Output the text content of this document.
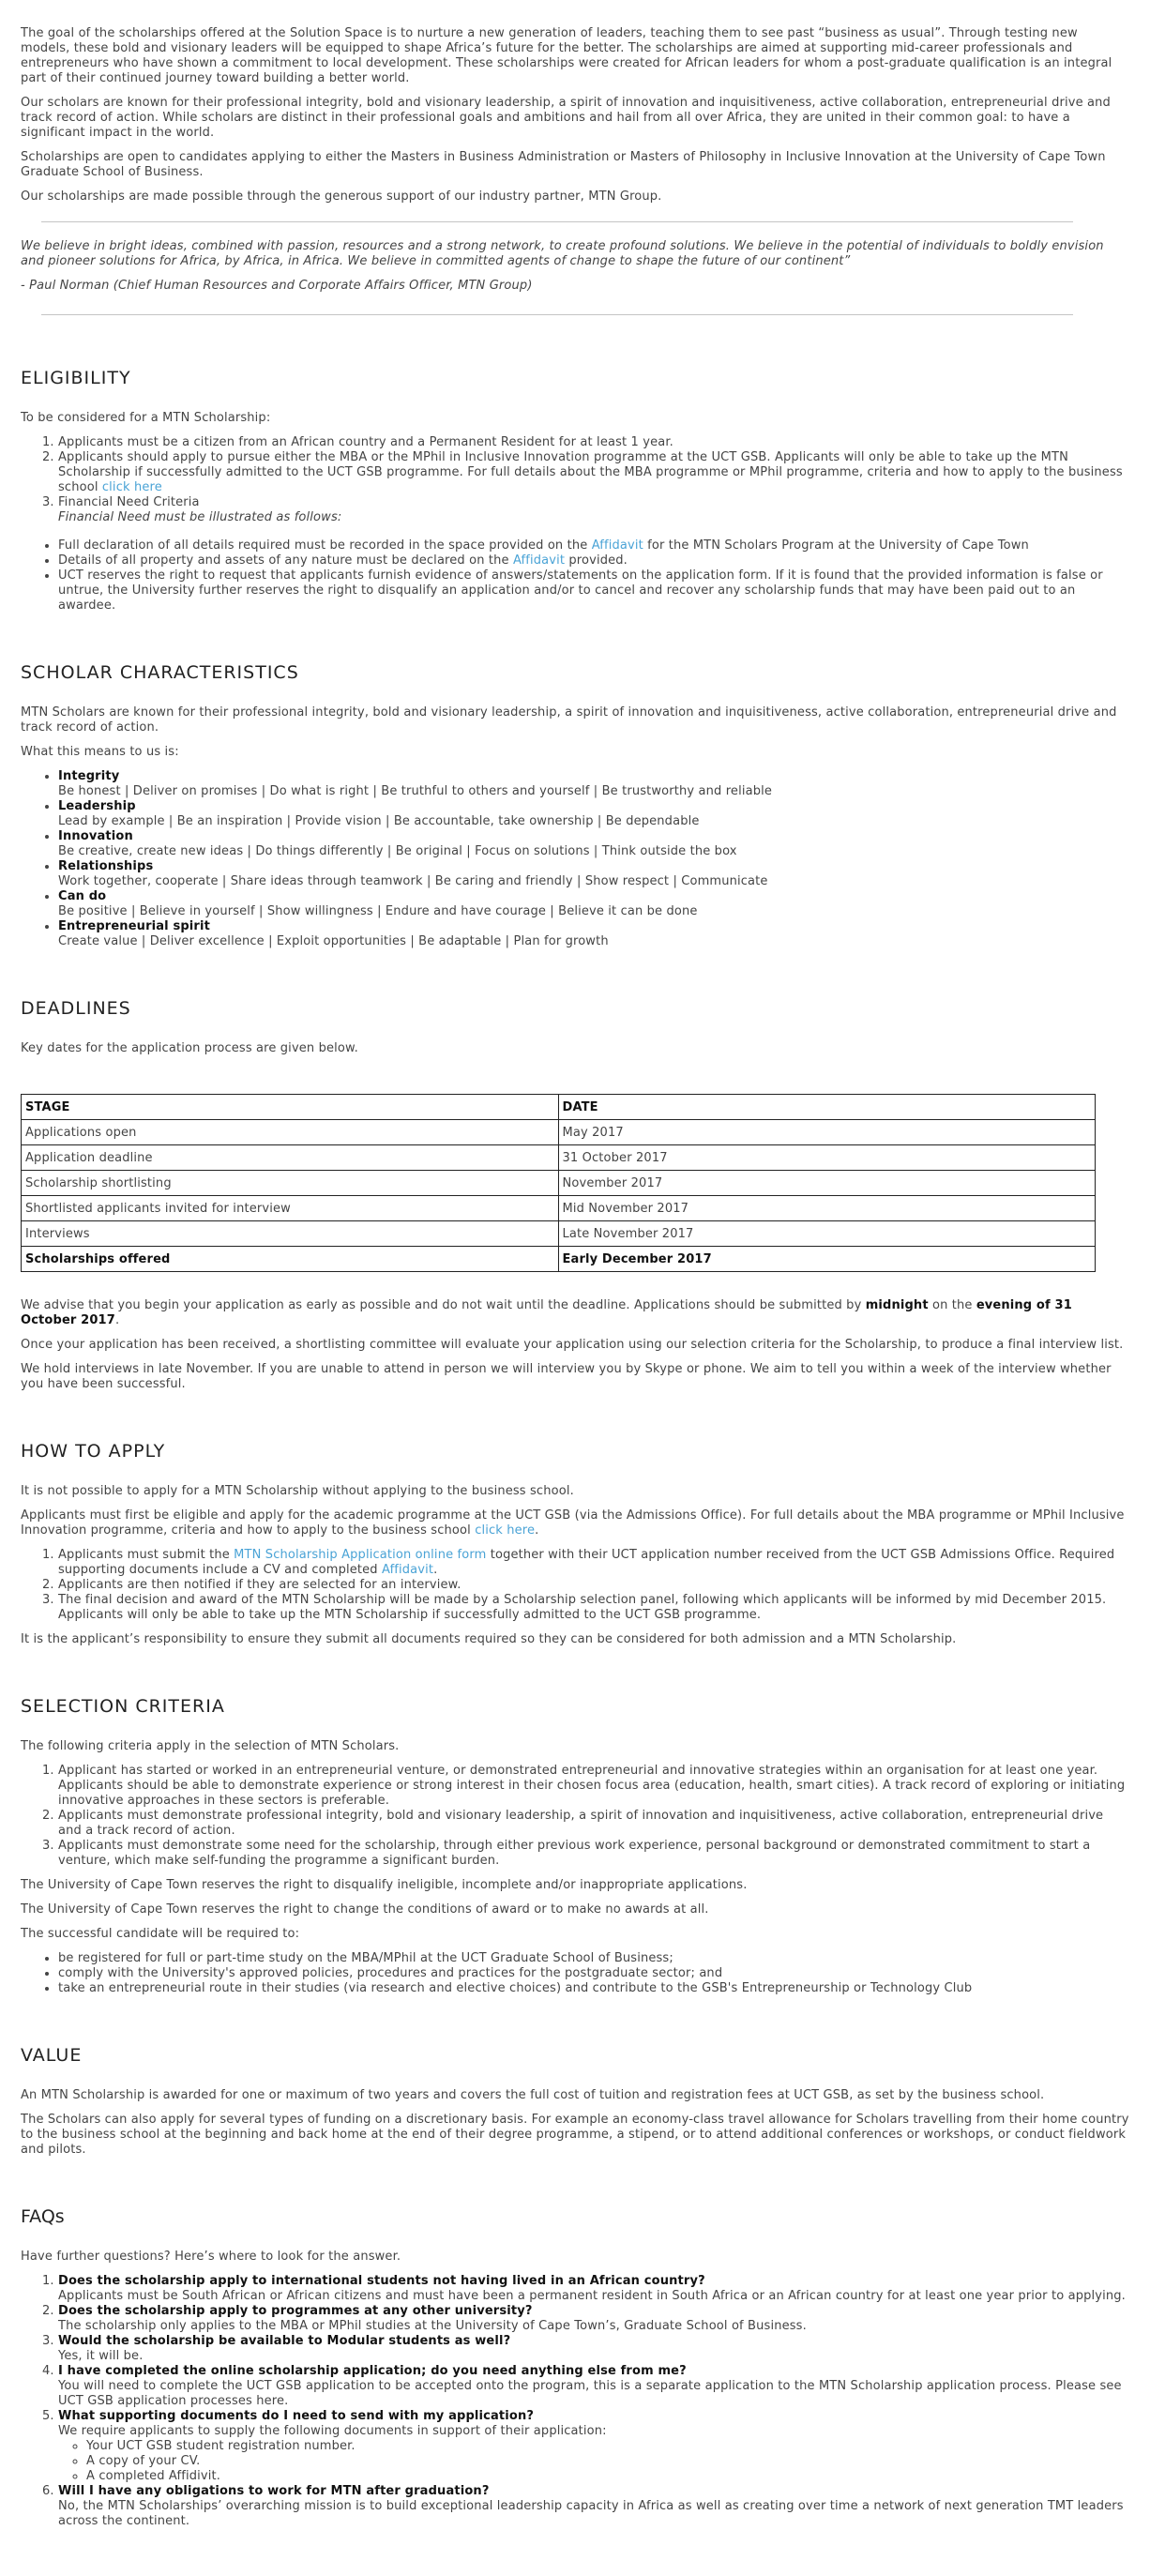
The goal of the scholarships offered at the Solution Space is to nurture a new generation of leaders, teaching them to see past “business as usual”. Through testing new models, these bold and visionary leaders will be equipped to shape Africa’s future for the better. The scholarships are aimed at supporting mid-career professionals and entrepreneurs who have shown a commitment to local development. These scholarships were created for African leaders for whom a post-graduate qualification is an integral part of their continued journey toward building a better world.

Our scholars are known for their professional integrity, bold and visionary leadership, a spirit of innovation and inquisitiveness, active collaboration, entrepreneurial drive and track record of action. While scholars are distinct in their professional goals and ambitions and hail from all over Africa, they are united in their common goal: to have a significant impact in the world.

Scholarships are open to candidates applying to either the Masters in Business Administration or Masters of Philosophy in Inclusive Innovation at the University of Cape Town Graduate School of Business.

Our scholarships are made possible through the generous support of our industry partner, MTN Group.

We believe in bright ideas, combined with passion, resources and a strong network, to create profound solutions. We believe in the potential of individuals to boldly envision and pioneer solutions for Africa, by Africa, in Africa. We believe in committed agents of change to shape the future of our continent”

- Paul Norman (Chief Human Resources and Corporate Affairs Officer, MTN Group)

ELIGIBILITY

To be considered for a MTN Scholarship:

1. Applicants must be a citizen from an African country and a Permanent Resident for at least 1 year.
2. Applicants should apply to pursue either the MBA or the MPhil in Inclusive Innovation programme at the UCT GSB. Applicants will only be able to take up the MTN Scholarship if successfully admitted to the UCT GSB programme. For full details about the MBA programme or MPhil programme, criteria and how to apply to the business school click here
3. Financial Need Criteria
Financial Need must be illustrated as follows:
• Full declaration of all details required must be recorded in the space provided on the Affidavit for the MTN Scholars Program at the University of Cape Town
• Details of all property and assets of any nature must be declared on the Affidavit provided.
• UCT reserves the right to request that applicants furnish evidence of answers/statements on the application form. If it is found that the provided information is false or untrue, the University further reserves the right to disqualify an application and/or to cancel and recover any scholarship funds that may have been paid out to an awardee.
SCHOLAR CHARACTERISTICS

MTN Scholars are known for their professional integrity, bold and visionary leadership, a spirit of innovation and inquisitiveness, active collaboration, entrepreneurial drive and track record of action.

What this means to us is:

• Integrity
Be honest | Deliver on promises | Do what is right | Be truthful to others and yourself | Be trustworthy and reliable
• Leadership
Lead by example | Be an inspiration | Provide vision | Be accountable, take ownership | Be dependable
• Innovation
Be creative, create new ideas | Do things differently | Be original | Focus on solutions | Think outside the box
• Relationships
Work together, cooperate | Share ideas through teamwork | Be caring and friendly | Show respect | Communicate
• Can do
Be positive | Believe in yourself | Show willingness | Endure and have courage | Believe it can be done
• Entrepreneurial spirit
Create value | Deliver excellence | Exploit opportunities | Be adaptable | Plan for growth
DEADLINES

Key dates for the application process are given below.

STAGE	DATE
Applications open	May 2017
Application deadline	31 October 2017
Scholarship shortlisting	November 2017
Shortlisted applicants invited for interview	Mid November 2017
Interviews	Late November 2017
Scholarships offered	Early December 2017

We advise that you begin your application as early as possible and do not wait until the deadline. Applications should be submitted by midnight on the evening of 31 October 2017.

Once your application has been received, a shortlisting committee will evaluate your application using our selection criteria for the Scholarship, to produce a final interview list.

We hold interviews in late November. If you are unable to attend in person we will interview you by Skype or phone. We aim to tell you within a week of the interview whether you have been successful.

HOW TO APPLY

It is not possible to apply for a MTN Scholarship without applying to the business school.

Applicants must first be eligible and apply for the academic programme at the UCT GSB (via the Admissions Office). For full details about the MBA programme or MPhil Inclusive Innovation programme, criteria and how to apply to the business school click here.

1. Applicants must submit the MTN Scholarship Application online form together with their UCT application number received from the UCT GSB Admissions Office. Required supporting documents include a CV and completed Affidavit.
2. Applicants are then notified if they are selected for an interview.
3. The final decision and award of the MTN Scholarship will be made by a Scholarship selection panel, following which applicants will be informed by mid December 2015. Applicants will only be able to take up the MTN Scholarship if successfully admitted to the UCT GSB programme.

It is the applicant’s responsibility to ensure they submit all documents required so they can be considered for both admission and a MTN Scholarship.

SELECTION CRITERIA

The following criteria apply in the selection of MTN Scholars.

1. Applicant has started or worked in an entrepreneurial venture, or demonstrated entrepreneurial and innovative strategies within an organisation for at least one year. Applicants should be able to demonstrate experience or strong interest in their chosen focus area (education, health, smart cities). A track record of exploring or initiating innovative approaches in these sectors is preferable.
2. Applicants must demonstrate professional integrity, bold and visionary leadership, a spirit of innovation and inquisitiveness, active collaboration, entrepreneurial drive and a track record of action.
3. Applicants must demonstrate some need for the scholarship, through either previous work experience, personal background or demonstrated commitment to start a venture, which make self-funding the programme a significant burden.

The University of Cape Town reserves the right to disqualify ineligible, incomplete and/or inappropriate applications.

The University of Cape Town reserves the right to change the conditions of award or to make no awards at all.

The successful candidate will be required to:

• be registered for full or part-time study on the MBA/MPhil at the UCT Graduate School of Business;
• comply with the University's approved policies, procedures and practices for the postgraduate sector; and
• take an entrepreneurial route in their studies (via research and elective choices) and contribute to the GSB's Entrepreneurship or Technology Club
VALUE

An MTN Scholarship is awarded for one or maximum of two years and covers the full cost of tuition and registration fees at UCT GSB, as set by the business school.

The Scholars can also apply for several types of funding on a discretionary basis. For example an economy-class travel allowance for Scholars travelling from their home country to the business school at the beginning and back home at the end of their degree programme, a stipend, or to attend additional conferences or workshops, or conduct fieldwork and pilots.

FAQs

Have further questions? Here’s where to look for the answer.

1. Does the scholarship apply to international students not having lived in an African country?
Applicants must be South African or African citizens and must have been a permanent resident in South Africa or an African country for at least one year prior to applying.
2. Does the scholarship apply to programmes at any other university?
The scholarship only applies to the MBA or MPhil studies at the University of Cape Town’s, Graduate School of Business.
3. Would the scholarship be available to Modular students as well?
Yes, it will be.
4. I have completed the online scholarship application; do you need anything else from me?
You will need to complete the UCT GSB application to be accepted onto the program, this is a separate application to the MTN Scholarship application process. Please see UCT GSB application processes here.
5. What supporting documents do I need to send with my application?
We require applicants to supply the following documents in support of their application:
◦ Your UCT GSB student registration number.
◦ A copy of your CV.
◦ A completed Affidivit.
6. Will I have any obligations to work for MTN after graduation?
No, the MTN Scholarships’ overarching mission is to build exceptional leadership capacity in Africa as well as creating over time a network of next generation TMT leaders across the continent.
